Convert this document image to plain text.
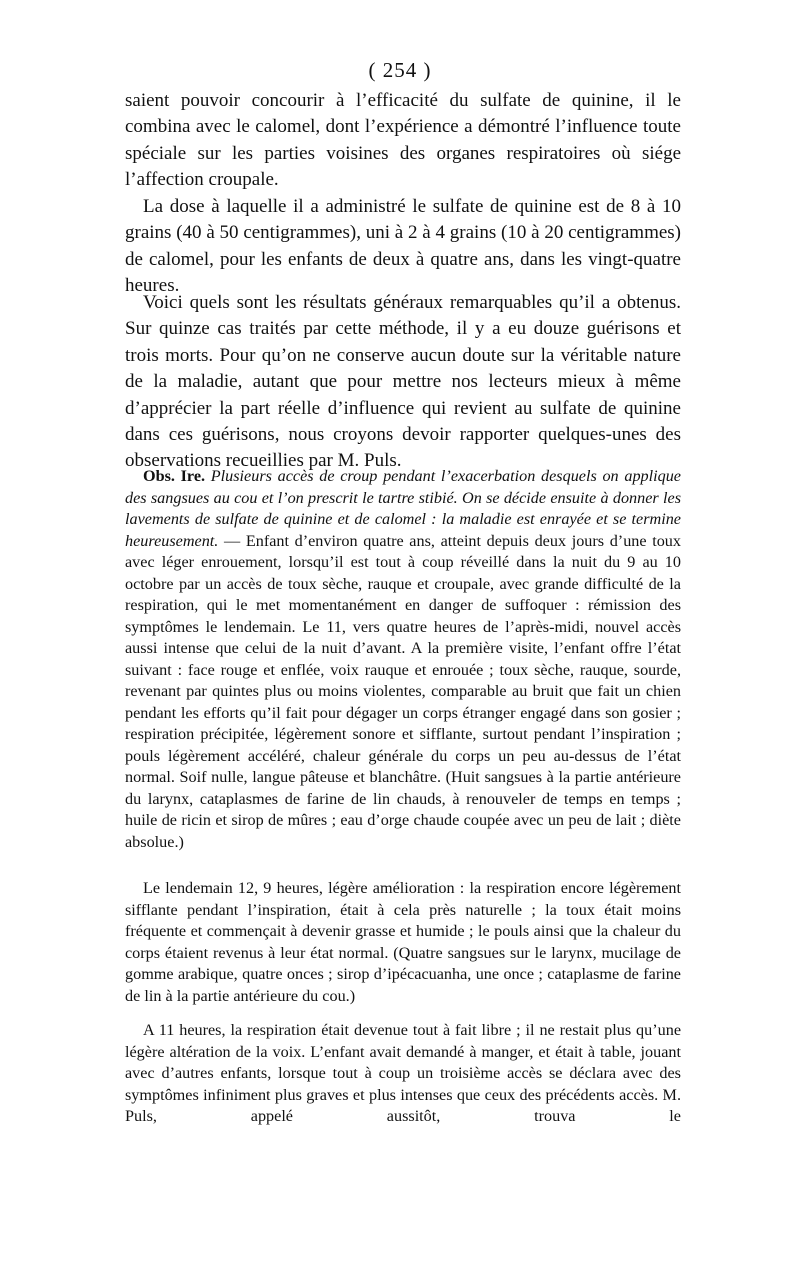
( 254 )

saient pouvoir concourir à l’efficacité du sulfate de quinine, il le combina avec le calomel, dont l’expérience a démontré l’influence toute spéciale sur les parties voisines des organes respiratoires où siége l’affection croupale.

La dose à laquelle il a administré le sulfate de quinine est de 8 à 10 grains (40 à 50 centigrammes), uni à 2 à 4 grains (10 à 20 centigrammes) de calomel, pour les enfants de deux à quatre ans, dans les vingt-quatre heures.

Voici quels sont les résultats généraux remarquables qu’il a obtenus. Sur quinze cas traités par cette méthode, il y a eu douze guérisons et trois morts. Pour qu’on ne conserve aucun doute sur la véritable nature de la maladie, autant que pour mettre nos lecteurs mieux à même d’apprécier la part réelle d’influence qui revient au sulfate de quinine dans ces guérisons, nous croyons devoir rapporter quelques-unes des observations recueillies par M. Puls.

Obs. Ire. Plusieurs accès de croup pendant l’exacerbation desquels on applique des sangsues au cou et l’on prescrit le tartre stibié. On se décide ensuite à donner les lavements de sulfate de quinine et de calomel : la maladie est enrayée et se termine heureusement. — Enfant d’environ quatre ans, atteint depuis deux jours d’une toux avec léger enrouement, lorsqu’il est tout à coup réveillé dans la nuit du 9 au 10 octobre par un accès de toux sèche, rauque et croupale, avec grande difficulté de la respiration, qui le met momentanément en danger de suffoquer : rémission des symptômes le lendemain. Le 11, vers quatre heures de l’après-midi, nouvel accès aussi intense que celui de la nuit d’avant. A la première visite, l’enfant offre l’état suivant : face rouge et enflée, voix rauque et enrouée ; toux sèche, rauque, sourde, revenant par quintes plus ou moins violentes, comparable au bruit que fait un chien pendant les efforts qu’il fait pour dégager un corps étranger engagé dans son gosier ; respiration précipitée, légèrement sonore et sifflante, surtout pendant l’inspiration ; pouls légèrement accéléré, chaleur générale du corps un peu au-dessus de l’état normal. Soif nulle, langue pâteuse et blanchâtre. (Huit sangsues à la partie antérieure du larynx, cataplasmes de farine de lin chauds, à renouveler de temps en temps ; huile de ricin et sirop de mûres ; eau d’orge chaude coupée avec un peu de lait ; diète absolue.)

Le lendemain 12, 9 heures, légère amélioration : la respiration encore légèrement sifflante pendant l’inspiration, était à cela près naturelle ; la toux était moins fréquente et commençait à devenir grasse et humide ; le pouls ainsi que la chaleur du corps étaient revenus à leur état normal. (Quatre sangsues sur le larynx, mucilage de gomme arabique, quatre onces ; sirop d’ipécacuanha, une once ; cataplasme de farine de lin à la partie antérieure du cou.)

A 11 heures, la respiration était devenue tout à fait libre ; il ne restait plus qu’une légère altération de la voix. L’enfant avait demandé à manger, et était à table, jouant avec d’autres enfants, lorsque tout à coup un troisième accès se déclara avec des symptômes infiniment plus graves et plus intenses que ceux des précédents accès. M. Puls, appelé aussitôt, trouva le
